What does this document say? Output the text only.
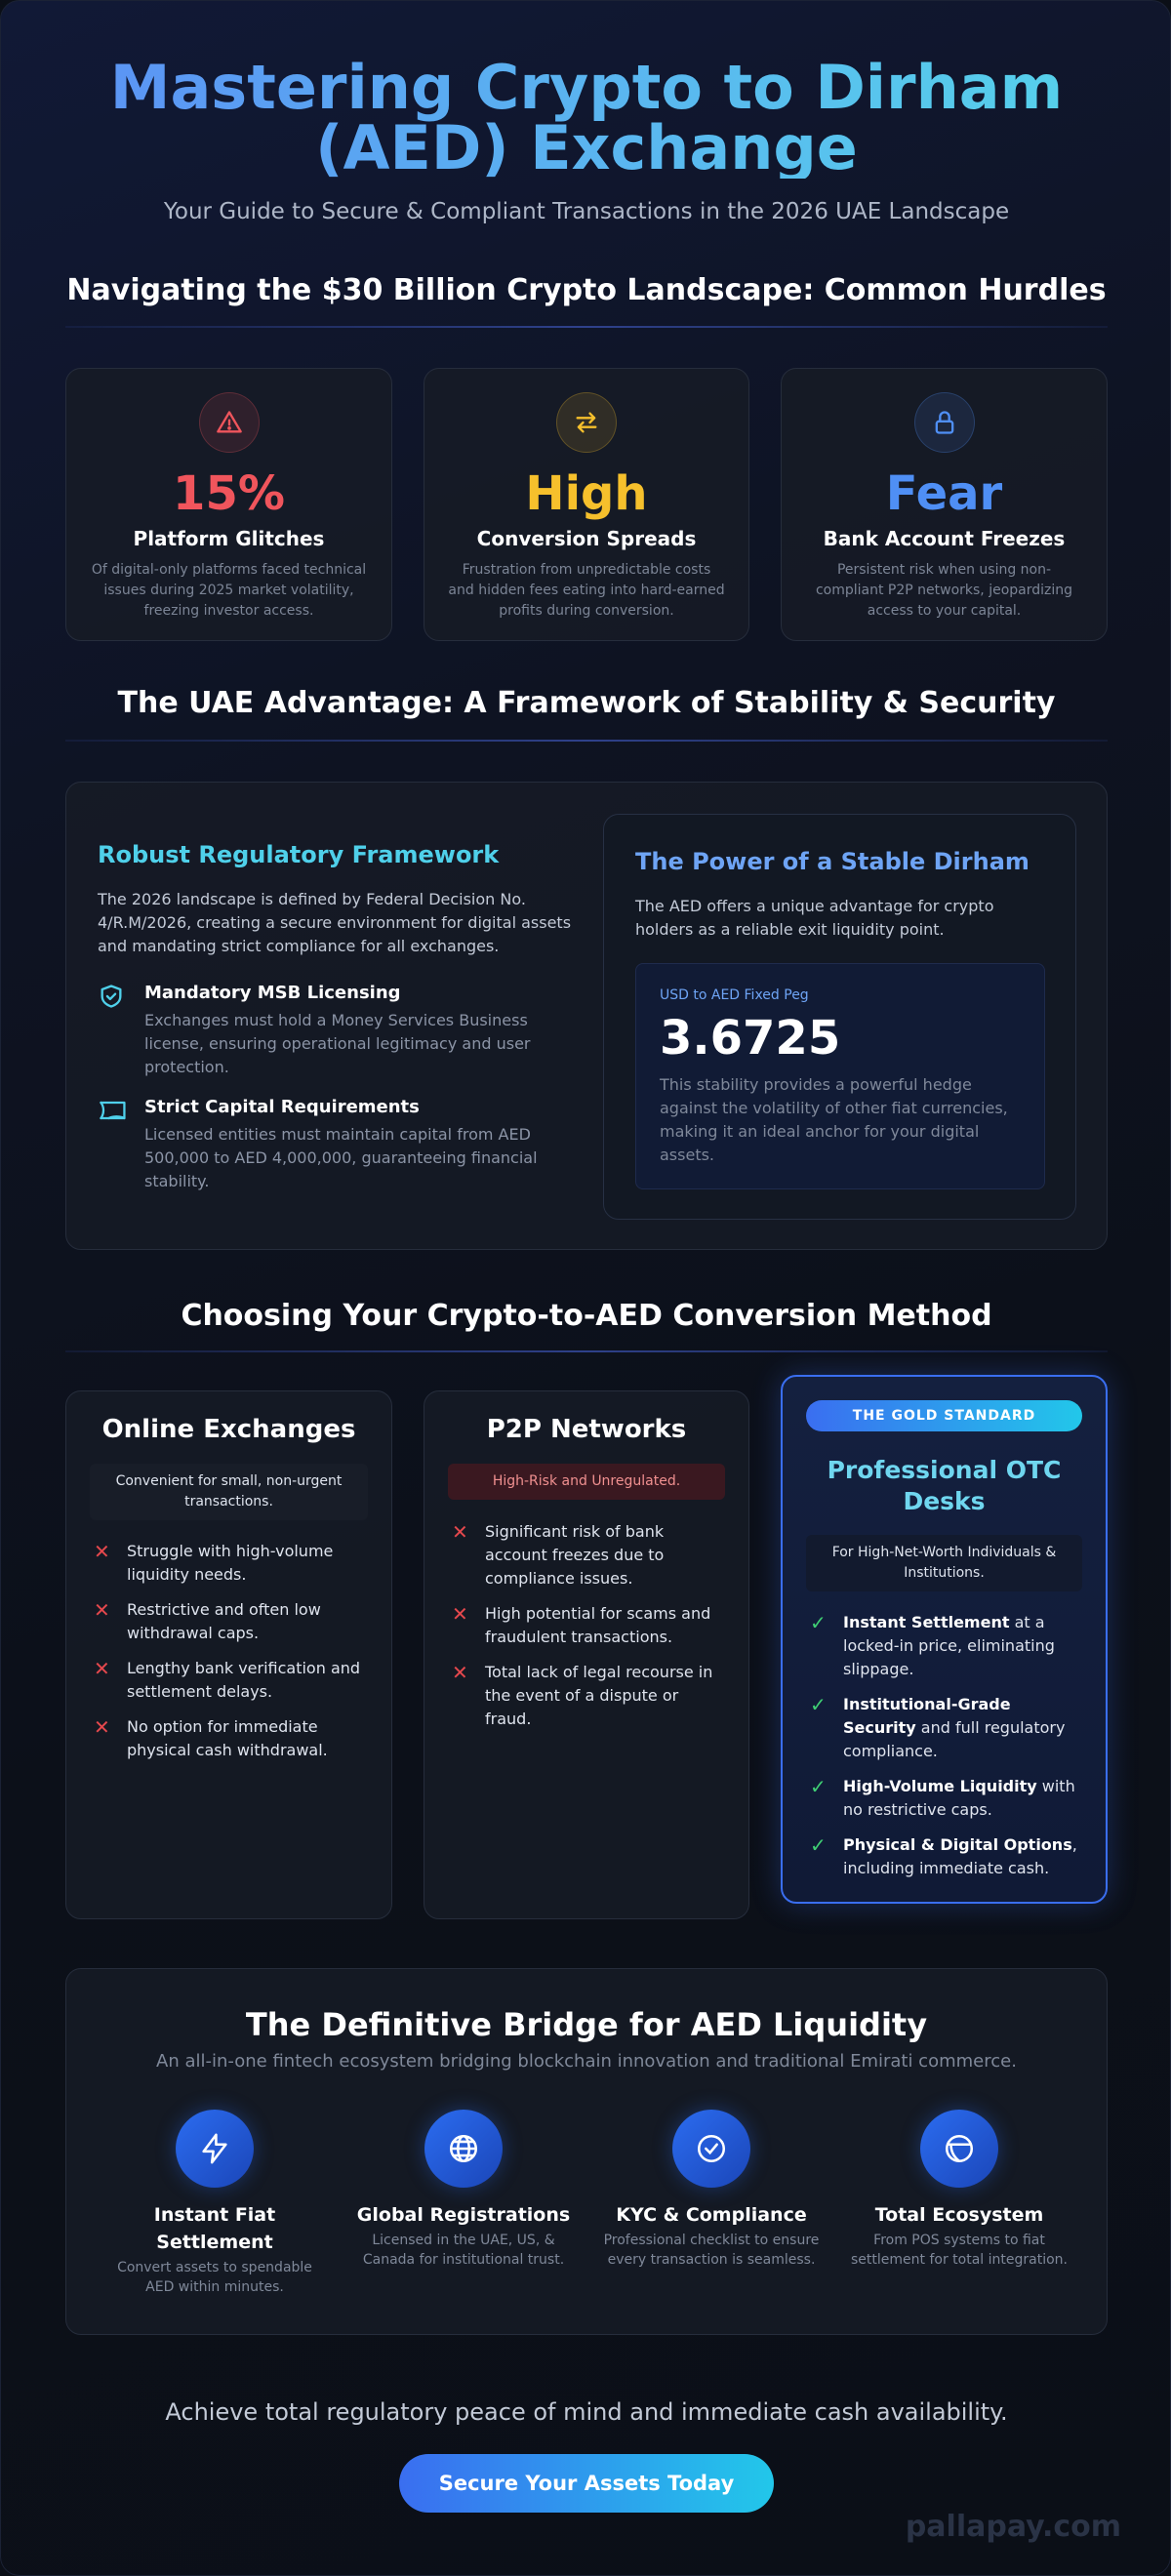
Mastering Crypto to Dirham
(AED) Exchange
Your Guide to Secure & Compliant Transactions in the 2026 UAE Landscape
Navigating the $30 Billion Crypto Landscape: Common Hurdles
15%
Platform Glitches
Of digital-only platforms faced technical issues during 2025 market volatility, freezing investor access.
High
Conversion Spreads
Frustration from unpredictable costs and hidden fees eating into hard-earned profits during conversion.
Fear
Bank Account Freezes
Persistent risk when using non-compliant P2P networks, jeopardizing access to your capital.
The UAE Advantage: A Framework of Stability & Security
Robust Regulatory Framework
The 2026 landscape is defined by Federal Decision No. 4/R.M/2026, creating a secure environment for digital assets and mandating strict compliance for all exchanges.
Mandatory MSB Licensing
Exchanges must hold a Money Services Business license, ensuring operational legitimacy and user protection.
Strict Capital Requirements
Licensed entities must maintain capital from AED 500,000 to AED 4,000,000, guaranteeing financial stability.
The Power of a Stable Dirham
The AED offers a unique advantage for crypto holders as a reliable exit liquidity point.
USD to AED Fixed Peg
3.6725
This stability provides a powerful hedge against the volatility of other fiat currencies, making it an ideal anchor for your digital assets.
Choosing Your Crypto-to-AED Conversion Method
Online Exchanges
Convenient for small, non-urgent transactions.
✕	Struggle with high-volume liquidity needs.
✕	Restrictive and often low withdrawal caps.
✕	Lengthy bank verification and settlement delays.
✕	No option for immediate physical cash withdrawal.
P2P Networks
High-Risk and Unregulated.
✕	Significant risk of bank account freezes due to compliance issues.
✕	High potential for scams and fraudulent transactions.
✕	Total lack of legal recourse in the event of a dispute or fraud.
THE GOLD STANDARD
Professional OTC Desks
For High-Net-Worth Individuals & Institutions.
✓	Instant Settlement at a locked-in price, eliminating slippage.
✓	Institutional-Grade Security and full regulatory compliance.
✓	High-Volume Liquidity with no restrictive caps.
✓	Physical & Digital Options, including immediate cash.
The Definitive Bridge for AED Liquidity
An all-in-one fintech ecosystem bridging blockchain innovation and traditional Emirati commerce.
Instant Fiat Settlement
Convert assets to spendable AED within minutes.
Global Registrations
Licensed in the UAE, US, & Canada for institutional trust.
KYC & Compliance
Professional checklist to ensure every transaction is seamless.
Total Ecosystem
From POS systems to fiat settlement for total integration.
Achieve total regulatory peace of mind and immediate cash availability.
Secure Your Assets Today
pallapay.com
